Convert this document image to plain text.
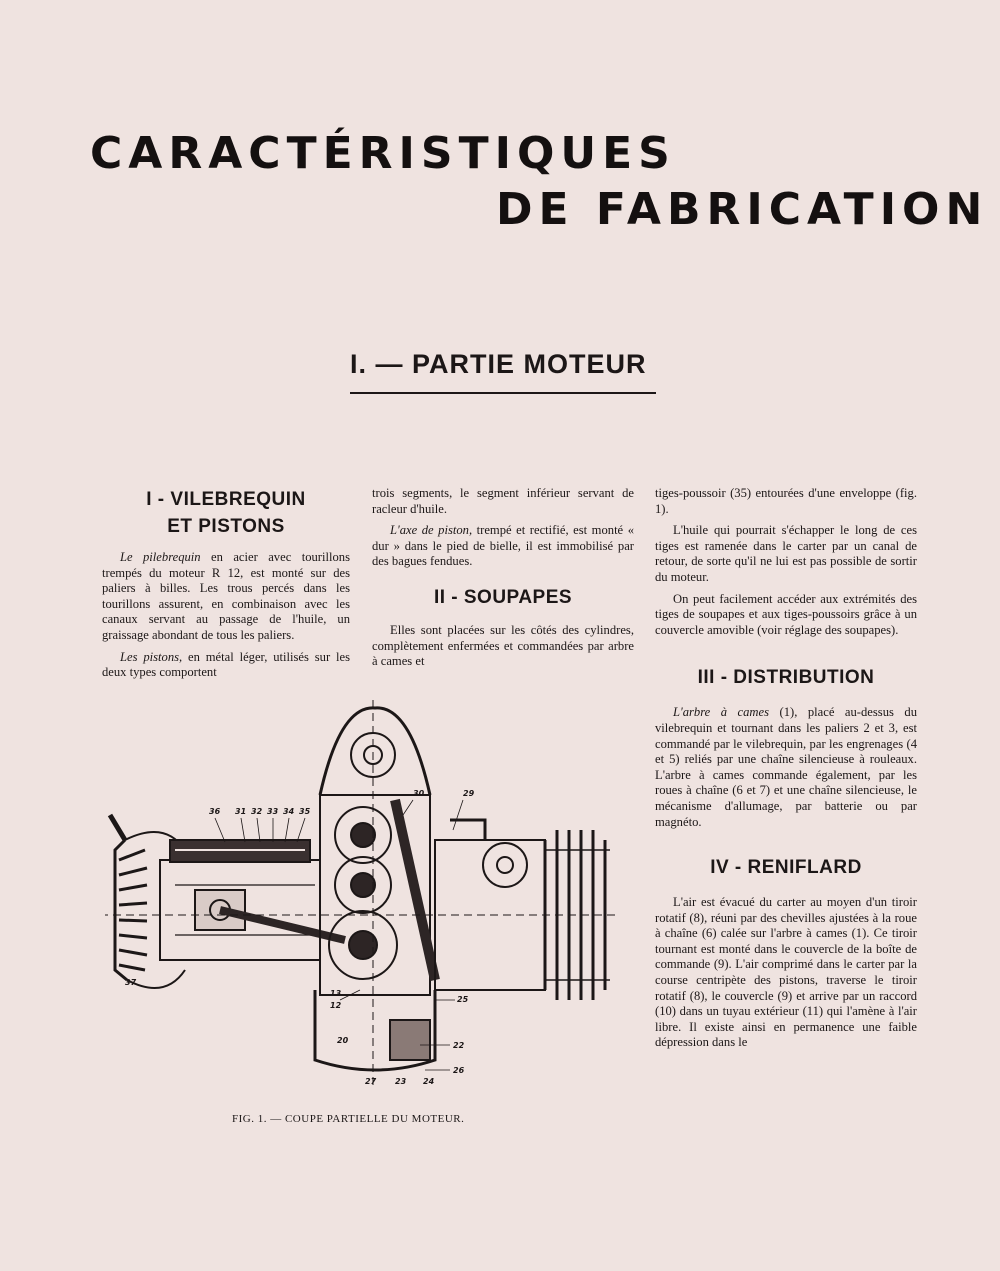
CARACTÉRISTIQUES
DE FABRICATION
I. — PARTIE MOTEUR
I - VILEBREQUIN
ET PISTONS

Le pilebrequin en acier avec tourillons trempés du moteur R 12, est monté sur des paliers à billes. Les trous percés dans les tourillons assurent, en combinaison avec les canaux servant au passage de l'huile, un graissage abondant de tous les paliers.

Les pistons, en métal léger, utilisés sur les deux types comportent

trois segments, le segment inférieur servant de racleur d'huile.

L'axe de piston, trempé et rectifié, est monté « dur » dans le pied de bielle, il est immobilisé par des bagues fendues.

II - SOUPAPES

Elles sont placées sur les côtés des cylindres, complètement enfermées et commandées par arbre à cames et

tiges-poussoir (35) entourées d'une enveloppe (fig. 1).

L'huile qui pourrait s'échapper le long de ces tiges est ramenée dans le carter par un canal de retour, de sorte qu'il ne lui est pas possible de sortir du moteur.

On peut facilement accéder aux extrémités des tiges de soupapes et aux tiges-poussoirs grâce à un couvercle amovible (voir réglage des soupapes).

III - DISTRIBUTION

L'arbre à cames (1), placé au-dessus du vilebrequin et tournant dans les paliers 2 et 3, est commandé par le vilebrequin, par les engrenages (4 et 5) reliés par une chaîne silencieuse à rouleaux. L'arbre à cames commande également, par les roues à chaîne (6 et 7) et une chaîne silencieuse, le mécanisme d'allumage, par batterie ou par magnéto.

IV - RENIFLARD

L'air est évacué du carter au moyen d'un tiroir rotatif (8), réuni par des chevilles ajustées à la roue à chaîne (6) calée sur l'arbre à cames (1). Ce tiroir tournant est monté dans le couvercle de la boîte de commande (9). L'air comprimé dans le carter par la course centripète des pistons, traverse le tiroir rotatif (8), le couvercle (9) et arrive par un raccord (10) dans un tuyau extérieur (11) qui l'amène à l'air libre. Il existe ainsi en permanence une faible dépression dans le

36 31 32 33 34 35
30	29
37
13
12
20
22
25
26
27 23 24
FIG. 1. — COUPE PARTIELLE DU MOTEUR.
